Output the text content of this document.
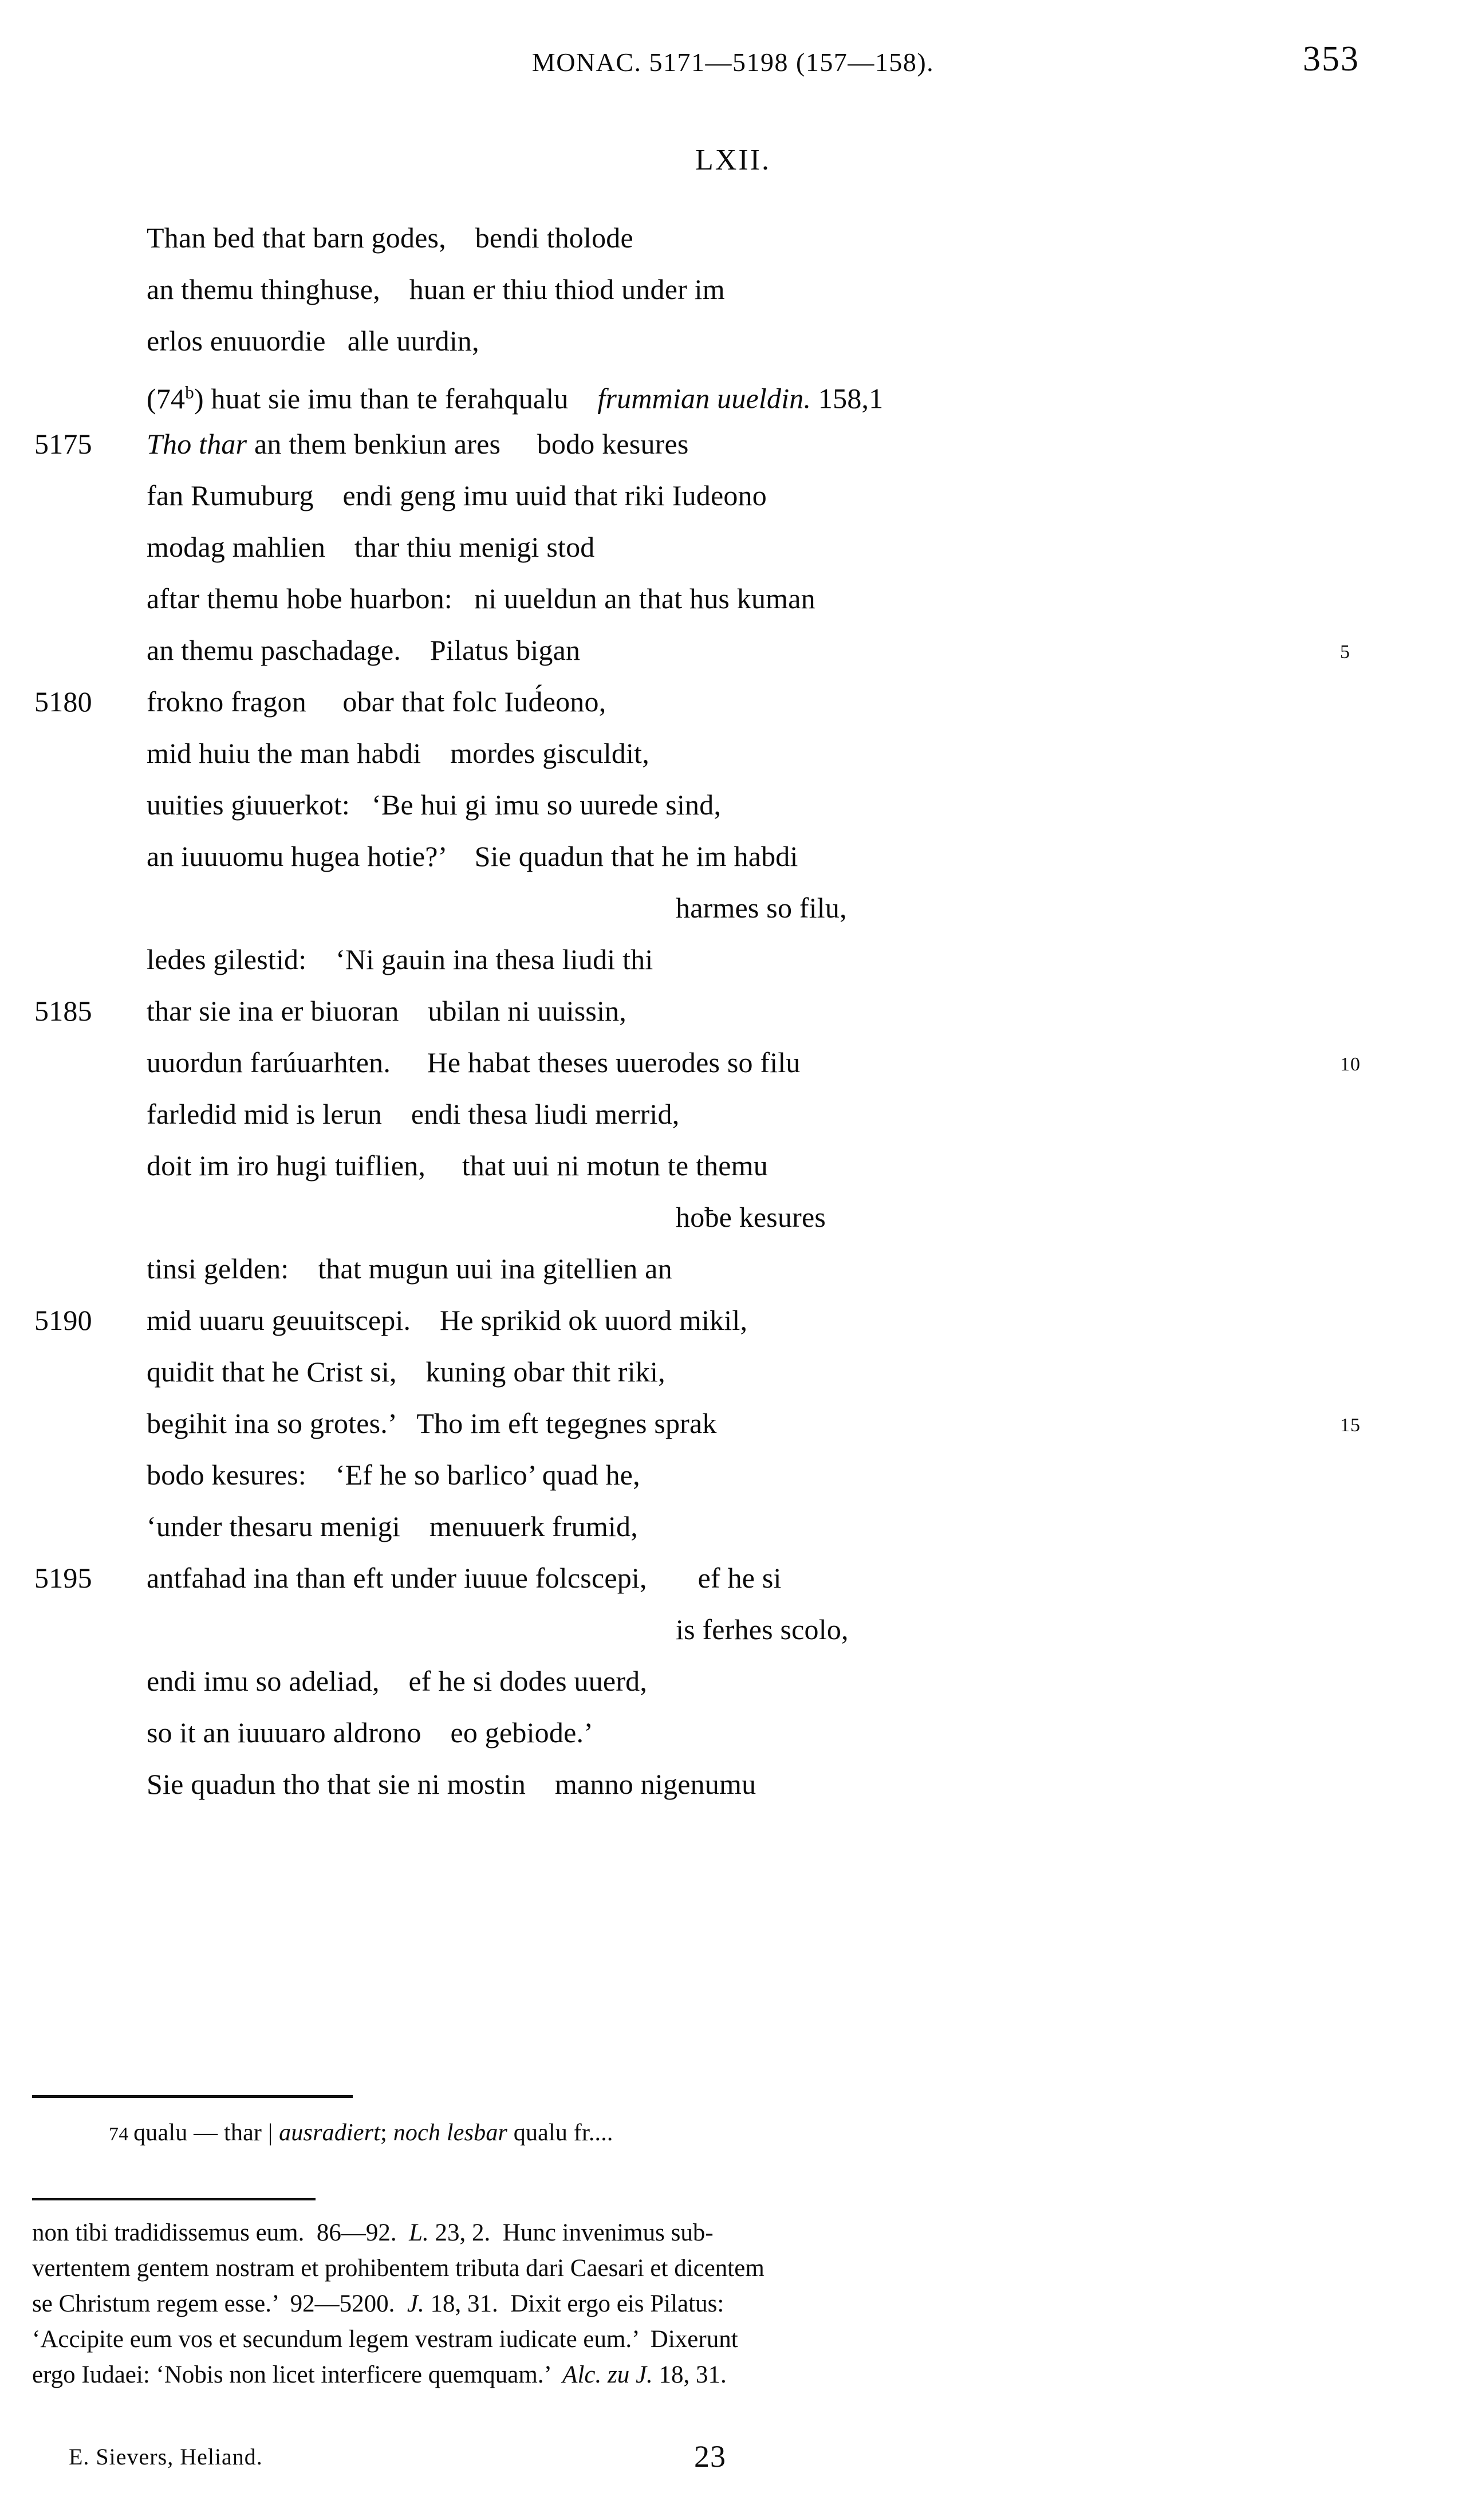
MONAC. 5171—5198 (157—158).	353
LXII.
Than bed that barn godes,    bendi tholode
an themu thinghuse,    huan er thiu thiod under im
erlos enuuordie   alle uurdin,
(74$^b$) huat sie imu than te ferahqualu    frummian uueldin. 158,1
5175	Tho thar an them benkiun ares     bodo kesures
fan Rumuburg    endi geng imu uuid that riki Iudeono
modag mahlien    thar thiu menigi stod
aftar themu hobe huarbon:   ni uueldun an that hus kuman
an themu paschadage.    Pilatus bigan	5
5180	frokno fragon     obar that folc Iud́eono,
mid huiu the man habdi    mordes gisculdit,
uuities giuuerkot:   ‘Be hui gi imu so uurede sind,
an iuuuomu hugea hotie?’    Sie quadun that he im habdi
harmes so filu,
ledes gilestid:    ‘Ni gauin ina thesa liudi thi
5185	thar sie ina er biuoran    ubilan ni uuissin,
uuordun farúuarhten.     He habat theses uuerodes so filu	10
farledid mid is lerun    endi thesa liudi merrid,
doit im iro hugi tuiflien,     that uui ni motun te themu
hoƀe kesures
tinsi gelden:    that mugun uui ina gitellien an
5190	mid uuaru geuuitscepi.    He sprikid ok uuord mikil,
quidit that he Crist si,    kuning obar thit riki,
begihit ina so grotes.’   Tho im eft tegegnes sprak	15
bodo kesures:    ‘Ef he so barlico’ quad he,
‘under thesaru menigi    menuuerk frumid,
5195	antfahad ina than eft under iuuue folcscepi,       ef he si
is ferhes scolo,
endi imu so adeliad,    ef he si dodes uuerd,
so it an iuuuaro aldrono    eo gebiode.’
Sie quadun tho that sie ni mostin    manno nigenumu
74 qualu — thar | ausradiert; noch lesbar qualu fr....
non tibi tradidissemus eum.  86—92.  L. 23, 2.  Hunc invenimus sub-
vertentem gentem nostram et prohibentem tributa dari Caesari et dicentem
se Christum regem esse.’  92—5200.  J. 18, 31.  Dixit ergo eis Pilatus:
‘Accipite eum vos et secundum legem vestram iudicate eum.’  Dixerunt
ergo Iudaei: ‘Nobis non licet interficere quemquam.’  Alc. zu J. 18, 31.
E. Sievers, Heliand.	23
